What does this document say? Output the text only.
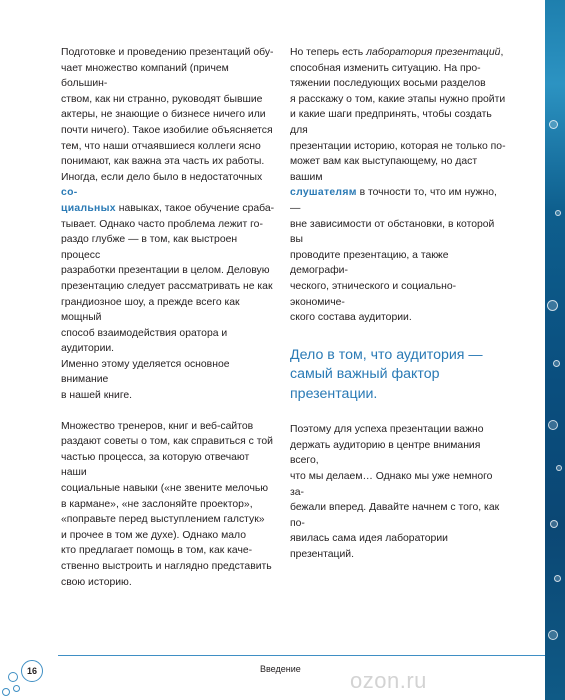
Подготовке и проведению презентаций обу-
чает множество компаний (причем большин-
ством, как ни странно, руководят бывшие
актеры, не знающие о бизнесе ничего или
почти ничего). Такое изобилие объясняется
тем, что наши отчаявшиеся коллеги ясно
понимают, как важна эта часть их работы.
Иногда, если дело было в недостаточных со-
циальных навыках, такое обучение сраба-
тывает. Однако часто проблема лежит го-
раздо глубже — в том, как выстроен процесс
разработки презентации в целом. Деловую
презентацию следует рассматривать не как
грандиозное шоу, а прежде всего как мощный
способ взаимодействия оратора и аудитории.
Именно этому уделяется основное внимание
в нашей книге.

Множество тренеров, книг и веб-сайтов
раздают советы о том, как справиться с той
частью процесса, за которую отвечают наши
социальные навыки («не звените мелочью
в кармане», «не заслоняйте проектор»,
«поправьте перед выступлением галстук»
и прочее в том же духе). Однако мало
кто предлагает помощь в том, как каче-
ственно выстроить и наглядно представить
свою историю.

Но теперь есть лаборатория презентаций,
способная изменить ситуацию. На про-
тяжении последующих восьми разделов
я расскажу о том, какие этапы нужно пройти
и какие шаги предпринять, чтобы создать для
презентации историю, которая не только по-
может вам как выступающему, но даст вашим
слушателям в точности то, что им нужно, —
вне зависимости от обстановки, в которой вы
проводите презентацию, а также демографи-
ческого, этнического и социально-экономиче-
ского состава аудитории.

Дело в том, что аудитория —
самый важный фактор
презентации.

Поэтому для успеха презентации важно
держать аудиторию в центре внимания всего,
что мы делаем… Однако мы уже немного за-
бежали вперед. Давайте начнем с того, как по-
явилась сама идея лаборатории презентаций.

16	Введение ozon.ru
